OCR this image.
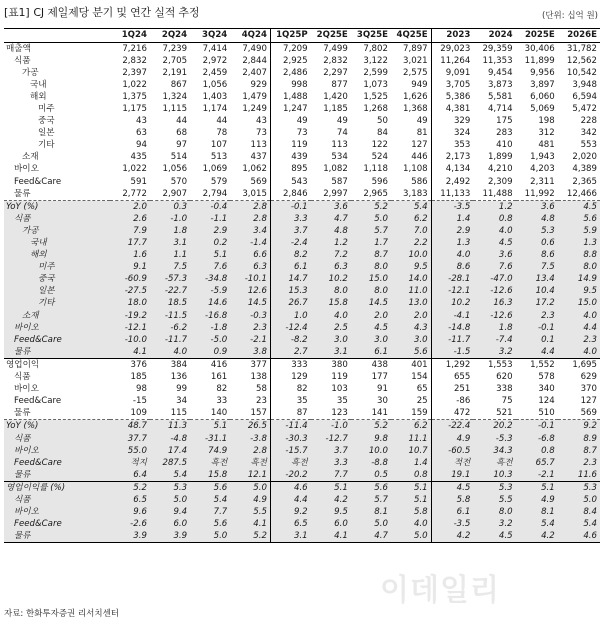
[표1] CJ 제일제당 분기 및 연간 실적 추정	(단위: 십억 원)
	1Q24	2Q24	3Q24	4Q24	1Q25P	2Q25E	3Q25E	4Q25E	2023	2024	2025E	2026E
매출액	7,216	7,239	7,414	7,490	7,209	7,499	7,802	7,897	29,023	29,359	30,406	31,782
식품	2,832	2,705	2,972	2,844	2,925	2,832	3,122	3,021	11,264	11,353	11,899	12,562
가공	2,397	2,191	2,459	2,407	2,486	2,297	2,599	2,575	9,091	9,454	9,956	10,542
국내	1,022	867	1,056	929	998	877	1,073	949	3,705	3,873	3,897	3,948
해외	1,375	1,324	1,403	1,479	1,488	1,420	1,525	1,626	5,386	5,581	6,060	6,594
미주	1,175	1,115	1,174	1,249	1,247	1,185	1,268	1,368	4,381	4,714	5,069	5,472
중국	43	44	44	43	49	49	50	49	329	175	198	228
일본	63	68	78	73	73	74	84	81	324	283	312	342
기타	94	97	107	113	119	113	122	127	353	410	481	553
소재	435	514	513	437	439	534	524	446	2,173	1,899	1,943	2,020
바이오	1,022	1,056	1,069	1,062	895	1,082	1,118	1,108	4,134	4,210	4,203	4,389
Feed&Care	591	570	579	569	543	587	596	586	2,492	2,309	2,311	2,365
물류	2,772	2,907	2,794	3,015	2,846	2,997	2,965	3,183	11,133	11,488	11,992	12,466
YoY (%)	2.0	0.3	-0.4	2.8	-0.1	3.6	5.2	5.4	-3.5	1.2	3.6	4.5
식품	2.6	-1.0	-1.1	2.8	3.3	4.7	5.0	6.2	1.4	0.8	4.8	5.6
가공	7.9	1.8	2.9	3.4	3.7	4.8	5.7	7.0	2.9	4.0	5.3	5.9
국내	17.7	3.1	0.2	-1.4	-2.4	1.2	1.7	2.2	1.3	4.5	0.6	1.3
해외	1.6	1.1	5.1	6.6	8.2	7.2	8.7	10.0	4.0	3.6	8.6	8.8
미주	9.1	7.5	7.6	6.3	6.1	6.3	8.0	9.5	8.6	7.6	7.5	8.0
중국	-60.9	-57.3	-34.8	-10.1	14.7	10.2	15.0	14.0	-28.1	-47.0	13.4	14.9
일본	-27.5	-22.7	-5.9	12.6	15.3	8.0	8.0	11.0	-12.1	-12.6	10.4	9.5
기타	18.0	18.5	14.6	14.5	26.7	15.8	14.5	13.0	10.2	16.3	17.2	15.0
소재	-19.2	-11.5	-16.8	-0.3	1.0	4.0	2.0	2.0	-4.1	-12.6	2.3	4.0
바이오	-12.1	-6.2	-1.8	2.3	-12.4	2.5	4.5	4.3	-14.8	1.8	-0.1	4.4
Feed&Care	-10.0	-11.7	-5.0	-2.1	-8.2	3.0	3.0	3.0	-11.7	-7.4	0.1	2.3
물류	4.1	4.0	0.9	3.8	2.7	3.1	6.1	5.6	-1.5	3.2	4.4	4.0
영업이익	376	384	416	377	333	380	438	401	1,292	1,553	1,552	1,695
식품	185	136	161	138	129	119	177	154	655	620	578	629
바이오	98	99	82	58	82	103	91	65	251	338	340	370
Feed&Care	-15	34	33	23	35	35	30	25	-86	75	124	127
물류	109	115	140	157	87	123	141	159	472	521	510	569
YoY (%)	48.7	11.3	5.1	26.5	-11.4	-1.0	5.2	6.2	-22.4	20.2	-0.1	9.2
식품	37.7	-4.8	-31.1	-3.8	-30.3	-12.7	9.8	11.1	4.9	-5.3	-6.8	8.9
바이오	55.0	17.4	74.9	2.8	-15.7	3.7	10.0	10.7	-60.5	34.3	0.8	8.7
Feed&Care	적지	287.5	흑전	흑전	흑전	3.3	-8.8	1.4	적전	흑전	65.7	2.3
물류	6.4	5.4	15.8	12.1	-20.2	7.7	0.5	0.8	19.1	10.3	-2.1	11.6
영업이익률 (%)	5.2	5.3	5.6	5.0	4.6	5.1	5.6	5.1	4.5	5.3	5.1	5.3
식품	6.5	5.0	5.4	4.9	4.4	4.2	5.7	5.1	5.8	5.5	4.9	5.0
바이오	9.6	9.4	7.7	5.5	9.2	9.5	8.1	5.8	6.1	8.0	8.1	8.4
Feed&Care	-2.6	6.0	5.6	4.1	6.5	6.0	5.0	4.0	-3.5	3.2	5.4	5.4
물류	3.9	3.9	5.0	5.2	3.1	4.1	4.7	5.0	4.2	4.5	4.2	4.6
이데일리
자료: 한화투자증권 리서치센터
